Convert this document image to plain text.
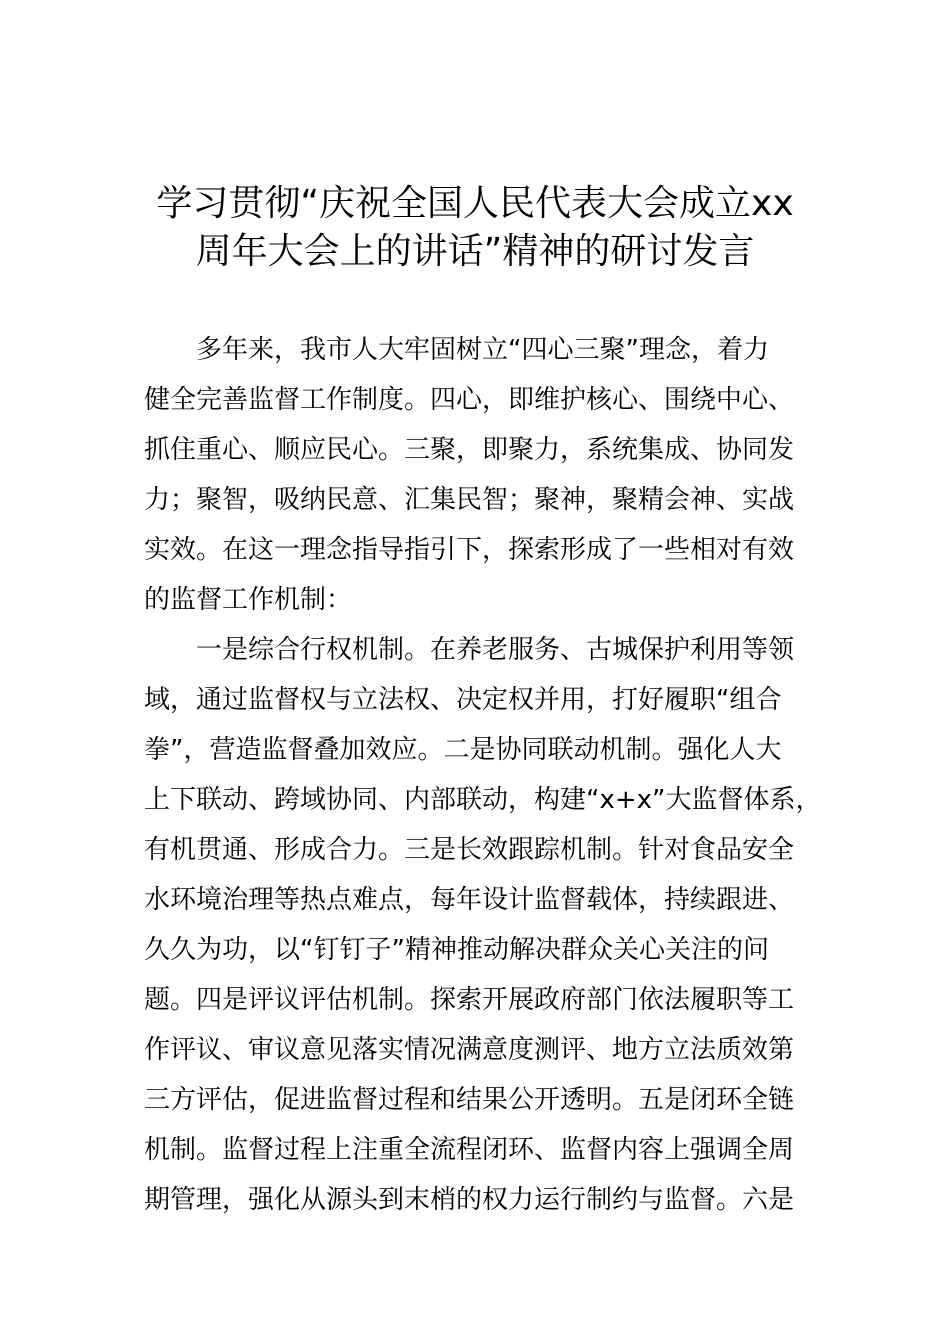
学习贯彻“庆祝全国人民代表大会成立xx
周年大会上的讲话”精神的研讨发言

　　多年来，我市人大牢固树立“四心三聚”理念，着力

健全完善监督工作制度。四心，即维护核心、围绕中心、

抓住重心、顺应民心。三聚，即聚力，系统集成、协同发

力；聚智，吸纳民意、汇集民智；聚神，聚精会神、实战

实效。在这一理念指导指引下，探索形成了一些相对有效

的监督工作机制：

　　一是综合行权机制。在养老服务、古城保护利用等领

域，通过监督权与立法权、决定权并用，打好履职“组合

拳”，营造监督叠加效应。二是协同联动机制。强化人大

上下联动、跨域协同、内部联动，构建“x+x”大监督体系，

有机贯通、形成合力。三是长效跟踪机制。针对食品安全

水环境治理等热点难点，每年设计监督载体，持续跟进、

久久为功，以“钉钉子”精神推动解决群众关心关注的问

题。四是评议评估机制。探索开展政府部门依法履职等工

作评议、审议意见落实情况满意度测评、地方立法质效第

三方评估，促进监督过程和结果公开透明。五是闭环全链

机制。监督过程上注重全流程闭环、监督内容上强调全周

期管理，强化从源头到末梢的权力运行制约与监督。六是
